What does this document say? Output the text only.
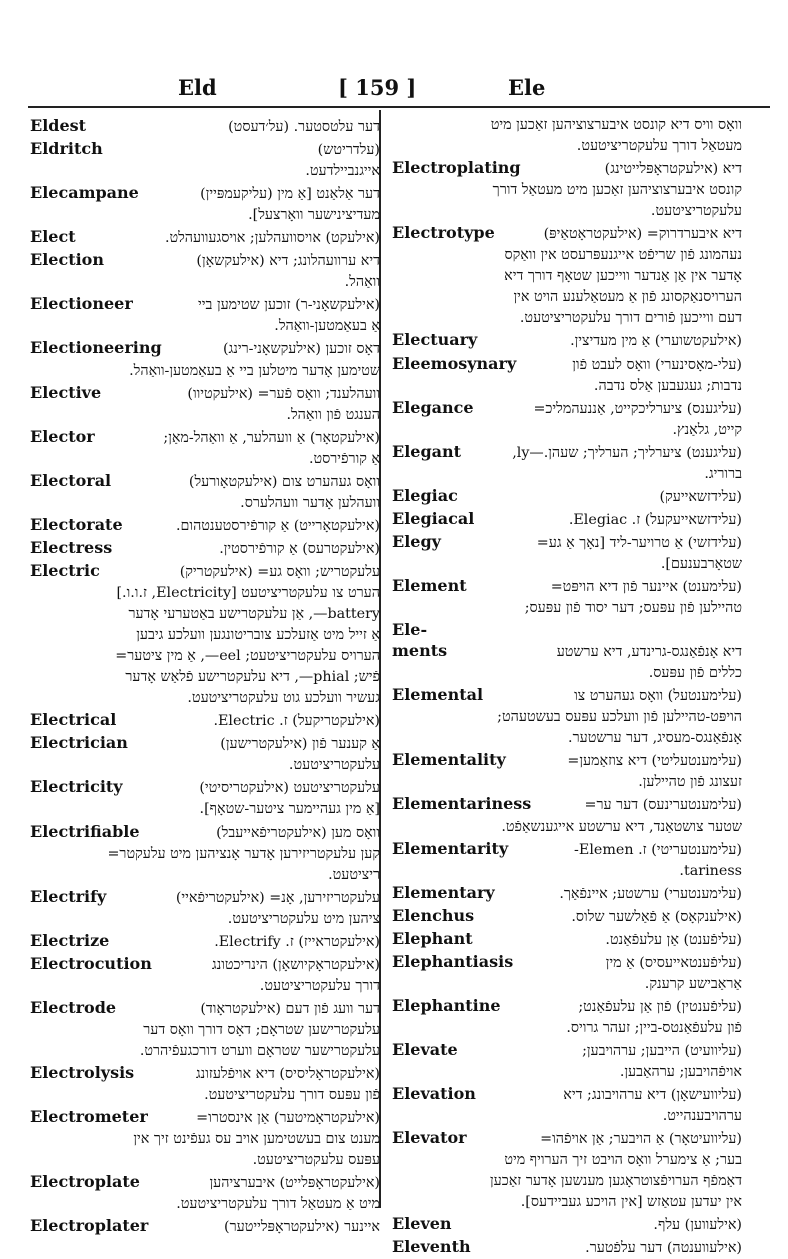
Eld	[ 159 ]	Ele
Eldest	דער עלטסטער. (על׳דעסט)
Eldritch	(עלדריטש)
אייגנביילדעט.
Elecampane	דער אַלאַנט [אַ מין (עליקעמפּיין)
מעדיצינישער וואָרצעל].
Elect	(אילעקט) אויסוועהלען; אויסגעוועהלט.
Election	דיא ערוועהלונג; דיא (אילעקשאָן)
וואַהל.
Electioneer	(אילעקשאָני-ר) זוכען שטימען ביי
אַ בעאַמטען-וואַהל.
Electioneering	דאָס זוכען (אילעקשאָני-רינג)
שטימען אָדער מיטלען ביי אַ בעאַמטען-וואַהל.
Elective	וועהלענד; וואָס פֿער= (אילעקטיוו)
הענגט פֿון וואַהל.
Elector	(אילעקטאָר) אַ וועהלער, אַ וואַהל-מאַן;
אַ קורפֿירסט.
Electoral	וואָס געהערט צום (אילעקטאָורעל)
וועהלען אָדער וועהלערס.
Electorate	(אילעקטאָרייט) אַ קורפֿירסטענטהום.
Electress	(אילעקטרעס) אַ קורפֿירסטין.
Electric	עלעקטריש; וואָס גע= (אילעקטריק)
הערט צו עלעקטריציטעט [Electricity, ז.ו.ו.]
battery—, אַן עלעקטרישע באַטערעי אָדער
אַ זייל מיט אַזעלכע צובריטונגען וועלכע גיבען
הערויס עלעקטריציטעט; eel—, אַ מין ציטער=
פֿיש; phial—, דיא עלעקטרישע פֿלאַש אָדער
געשיר וועלכע גוט עלעקטריציטעט.
Electrical	(אילעקטריקעל) ז. Electric.
Electrician	אַ קענער פֿון (אילעקטרישען)
עלעקטריציטעט.
Electricity	עלעקטריציטעט (אילעקטריסיטי)
[אַ מין געהיימער ציטער-שטאָף].
Electrifiable	וואָס מען (אילעקטריפֿאייעבל)
קען עלעקטריזירען אָדער אָנציהען מיט עלעקטר=
ריציטעט.
Electrify	עלעקטריזירען, אָנ= (אילעקטריפֿאיי)
ציהען מיט עלעקטריציטעט.
Electrize	(אילעקטראייז) ז. Electrify.
Electrocution	(אילעקטראָקיושאָן) הינריכטונג
דורך עלעקטריציטעט.
Electrode	דער וועג פֿון דעם (אילעקטראָוד)
עלעקטרישען שטראָם; דאָס דורך וואָס דער
עלעקטרישער שטראָם ווערט דורכגעפֿיהרט.
Electrolysis	(אילעקטראָליסיס) דיא אויפֿלעזונג
פֿון עפּעס דורך עלעקטריציטעט.
Electrometer	(אילעקטראָמיטער) אַן אינסטרו=
מענט צום בעשטימען אויב עס געפֿינט זיך אין
עפּעס עלעקטריציטעט.
Electroplate	(אילעקטראָפּלייט) איבערציהען
מיט אַ מעטאַל דורך עלעקטריציטעט.
Electroplater	איינער (אילעקטראָפּלייטער)
וואָס וויס דיא קונסט איבערצוציהען זאַכען מיט
מעטאַל דורך עלעקטריציטעט.
Electroplating	דיא (אילעקטראָפּלייטינג)
קונסט איבערצוציהען זאַכען מיט מעטאַל דורך
עלעקטריציטעט.
Electrotype	דיא איבערדרוק= (אילעקטראָטאַיפּ)
נעהמונג פֿון שריפֿט אייגנעפּרעסט אין וואַקס
אָדער אין אַן אַנדער ווייכען שטאָף דורך דיא
הערויסנאַקסונג פֿון אַ מעטאַלענע הויט אין
דעם ווייכען פֿורים דורך עלעקטריציטעט.
Electuary	(אילעקטשוערי) אַ מין מעדיצין.
Eleemosynary	(עלי-מאָסינערי) וואָס לעבט פֿון
נדבות; געגעבען אַלס נדבה.
Elegance	(עליגענס) ציערליכקייט, אַננעהמליכ=
קייט, גלאַנץ.
Elegant	(עליגענט) ציערליך; הערליך; שעהן.—ly,
ברוריג.
Elegiac	(עלידזשאייעק)
Elegiacal	(עלידזשאייעקעל) ז. Elegiac.
Elegy	(עלידזשי) אַ טרויער-ליד [נאָך אַ גע=
שטאָרבענעם].
Element	(עלימענט) איינער פֿון דיא הויפּט=
טהיילען פֿון עפּעס; דער יסוד פֿון עפּעס;
Ele-
ments	דיא אָנפֿאַנגס-גרינדע, דיא ערשטע
כללים פֿון עפּעס.
Elemental	(עלימענטעל) וואָס געהערט צו
הויפּט-טהיילען פֿון וועלכע עפּעס בעשטעהט;
אָנפֿאַנגס-מעסיג, דער ערשטער.
Elementality	(עלימענטעליטי) דיא צוזאַמען=
זעצונג פֿון טהיילען.
Elementariness	(עלימענטערינעס) דער ער=
שטער צושטאַנד, דיא ערשטע אייגענשאַפֿט.
Elementarity	(עלימענטעריטי) ז. Elemen-
tariness.
Elementary	(עלימענטערי) ערשטע; איינפֿאַך.
Elenchus	(אילענקאָס) אַ פֿאַלשער שלוס.
Elephant	(עליפֿענט) אַן עלעפֿאַנט.
Elephantiasis	(עליפֿענטאייעסיס) אַ מין
אַראַבישע קרענק.
Elephantine	(עליפֿענטין) פֿון אַן עלעפֿאַנט;
פֿון עלעפֿאַנטס-ביין; זעהר גרויס.
Elevate	(עליוועיט) הייבען; ערהויבען;
אויפֿהויבען; ערהאַבען.
Elevation	(עליוועישאָן) דיא ערהויבונג; דיא
ערהויבענהייט.
Elevator	(עליוועיטאָר) אַ הויבער; אַן אויפֿהו=
בער; אַ צימערל וואָס הויבט זיך הערויף מיט
דאַמפֿף הערויפֿצוטראָגען מענשען אָדער זאַכען
אין יעדען עטאַזש [אין הויכע געביידעס].
Eleven	(אילעווען) עלף.
Eleventh	(אילעווענטה) דער עלפֿטער.
